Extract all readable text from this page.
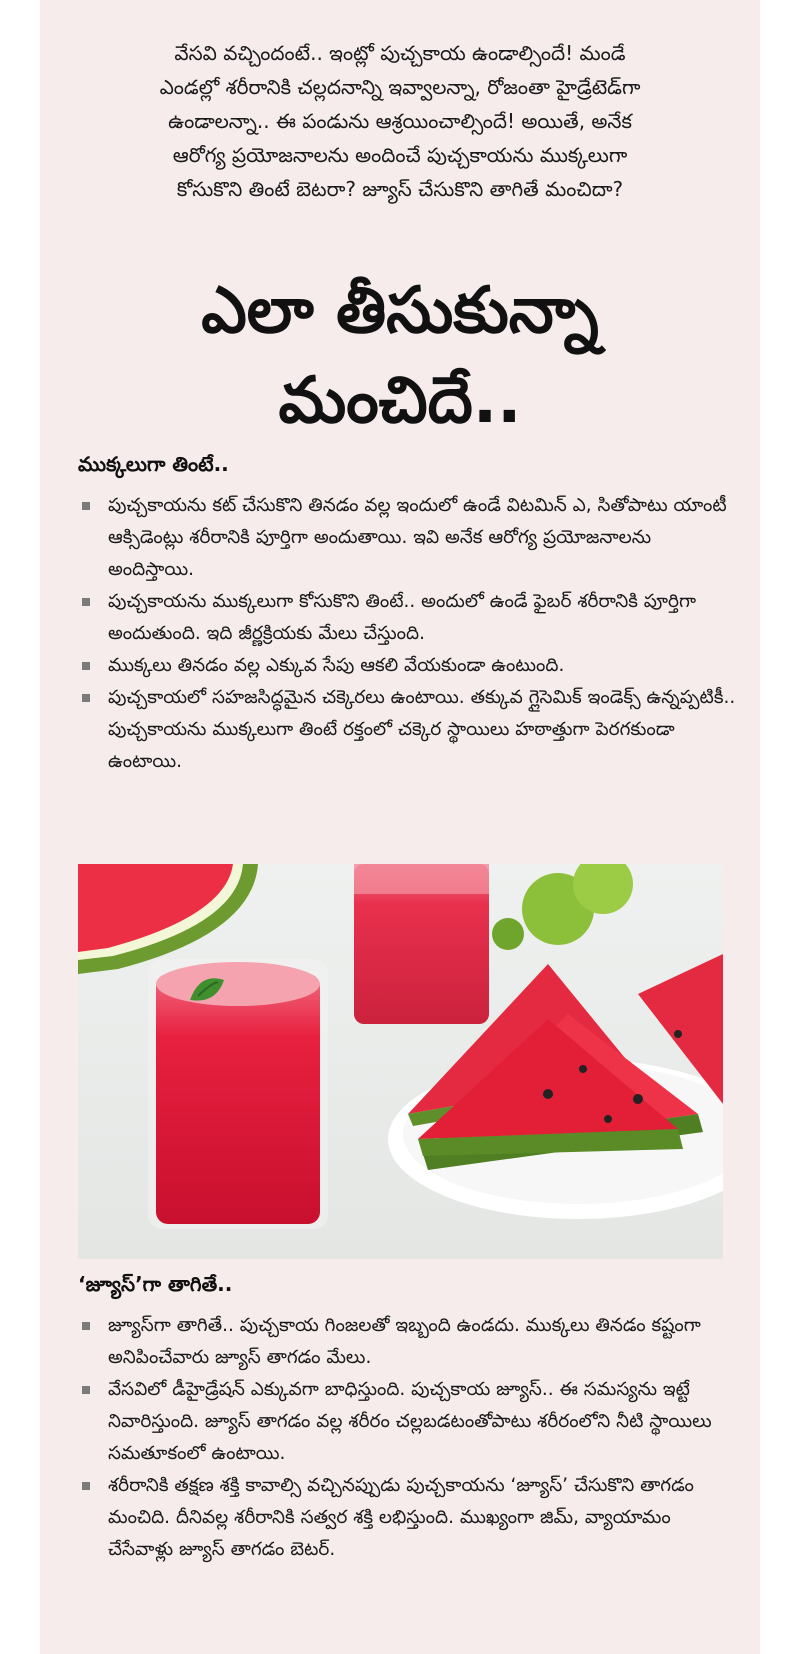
వేసవి వచ్చిందంటే.. ఇంట్లో పుచ్చకాయ ఉండాల్సిందే! మండే
ఎండల్లో శరీరానికి చల్లదనాన్ని ఇవ్వాలన్నా, రోజంతా హైడ్రేటెడ్‌గా
ఉండాలన్నా.. ఈ పండును ఆశ్రయించాల్సిందే! అయితే, అనేక
ఆరోగ్య ప్రయోజనాలను అందించే పుచ్చకాయను ముక్కలుగా
కోసుకొని తింటే బెటరా? జ్యూస్ చేసుకొని తాగితే మంచిదా?
ఎలా తీసుకున్నా
మంచిదే..
ముక్కలుగా తింటే..
పుచ్చకాయను కట్ చేసుకొని తినడం వల్ల ఇందులో ఉండే విటమిన్ ఎ, సితోపాటు యాంటీ ఆక్సిడెంట్లు శరీరానికి పూర్తిగా అందుతాయి. ఇవి అనేక ఆరోగ్య ప్రయోజనాలను అందిస్తాయి.
పుచ్చకాయను ముక్కలుగా కోసుకొని తింటే.. అందులో ఉండే ఫైబర్ శరీరానికి పూర్తిగా అందుతుంది. ఇది జీర్ణక్రియకు మేలు చేస్తుంది.
ముక్కలు తినడం వల్ల ఎక్కువ సేపు ఆకలి వేయకుండా ఉంటుంది.
పుచ్చకాయలో సహజసిద్ధమైన చక్కెరలు ఉంటాయి. తక్కువ గ్లైసెమిక్ ఇండెక్స్ ఉన్నప్పటికీ.. పుచ్చకాయను ముక్కలుగా తింటే రక్తంలో చక్కెర స్థాయిలు హఠాత్తుగా పెరగకుండా ఉంటాయి.
‘జ్యూస్’గా తాగితే..
జ్యూస్‌గా తాగితే.. పుచ్చకాయ గింజలతో ఇబ్బంది ఉండదు. ముక్కలు తినడం కష్టంగా అనిపించేవారు జ్యూస్ తాగడం మేలు.
వేసవిలో డీహైడ్రేషన్ ఎక్కువగా బాధిస్తుంది. పుచ్చకాయ జ్యూస్.. ఈ సమస్యను ఇట్టే నివారిస్తుంది. జ్యూస్ తాగడం వల్ల శరీరం చల్లబడటంతోపాటు శరీరంలోని నీటి స్థాయిలు సమతూకంలో ఉంటాయి.
శరీరానికి తక్షణ శక్తి కావాల్సి వచ్చినప్పుడు పుచ్చకాయను ‘జ్యూస్’ చేసుకొని తాగడం మంచిది. దీనివల్ల శరీరానికి సత్వర శక్తి లభిస్తుంది. ముఖ్యంగా జిమ్, వ్యాయామం చేసేవాళ్లు జ్యూస్ తాగడం బెటర్.
